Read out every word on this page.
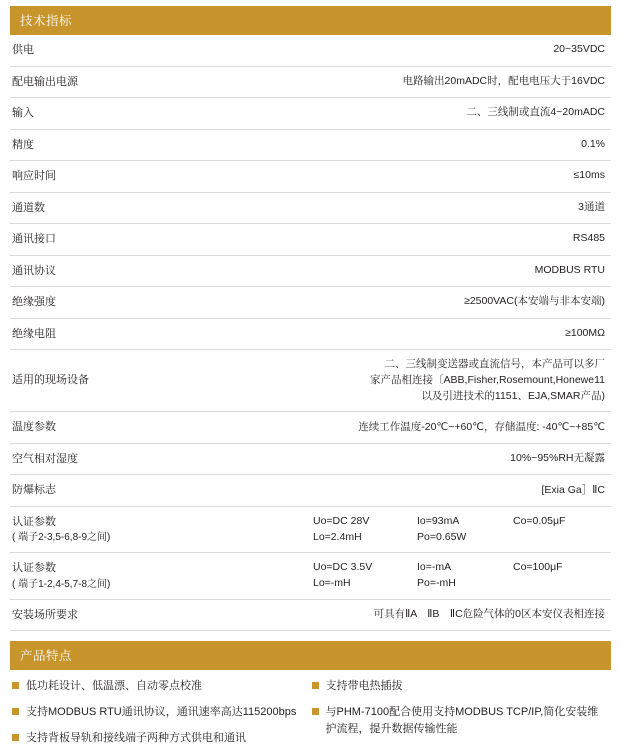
技术指标
供电	20~35VDC

配电输出电源	电路输出20mADC时，配电电压大于16VDC

输入	二、三线制或直流4~20mADC

精度	0.1%

响应时间	≤10ms

通道数	3通道

通讯接口	RS485

通讯协议	MODBUS RTU

绝缘强度	≥2500VAC(本安端与非本安端)

绝缘电阻	≥100MΩ

适用的现场设备	二、三线制变送器或直流信号，本产品可以多厂
家产品相连接〔ABB,Fisher,Rosemount,Honewe11
以及引进技术的1151、EJA,SMAR产品)

温度参数	连续工作温度-20℃~+60℃，存储温度: -40℃~+85℃

空气相对湿度	10%~95%RH无凝露

防爆标志	[Exia Ga］ⅡC

认证参数
( 端子2-3,5-6,8-9之间)	Uo=DC 28V Io=93mA Co=0.05μF
Lo=2.4mH Po=0.65W

认证参数
( 端子1-2,4-5,7-8之间)	Uo=DC 3.5V Io=-mA Co=100μF
Lo=-mH Po=-mH

安装场所要求	可具有ⅡA　ⅡB　ⅡC危险气体的0区本安仪表相连接
产品特点
低功耗设计、低温漂、自动零点校准
支持MODBUS RTU通讯协议，通讯速率高达115200bps
支持背板导轨和接线端子两种方式供电和通讯
支持带电热插拔
与PHM-7100配合使用支持MODBUS TCP/IP,简化安装维护流程，提升数据传输性能
